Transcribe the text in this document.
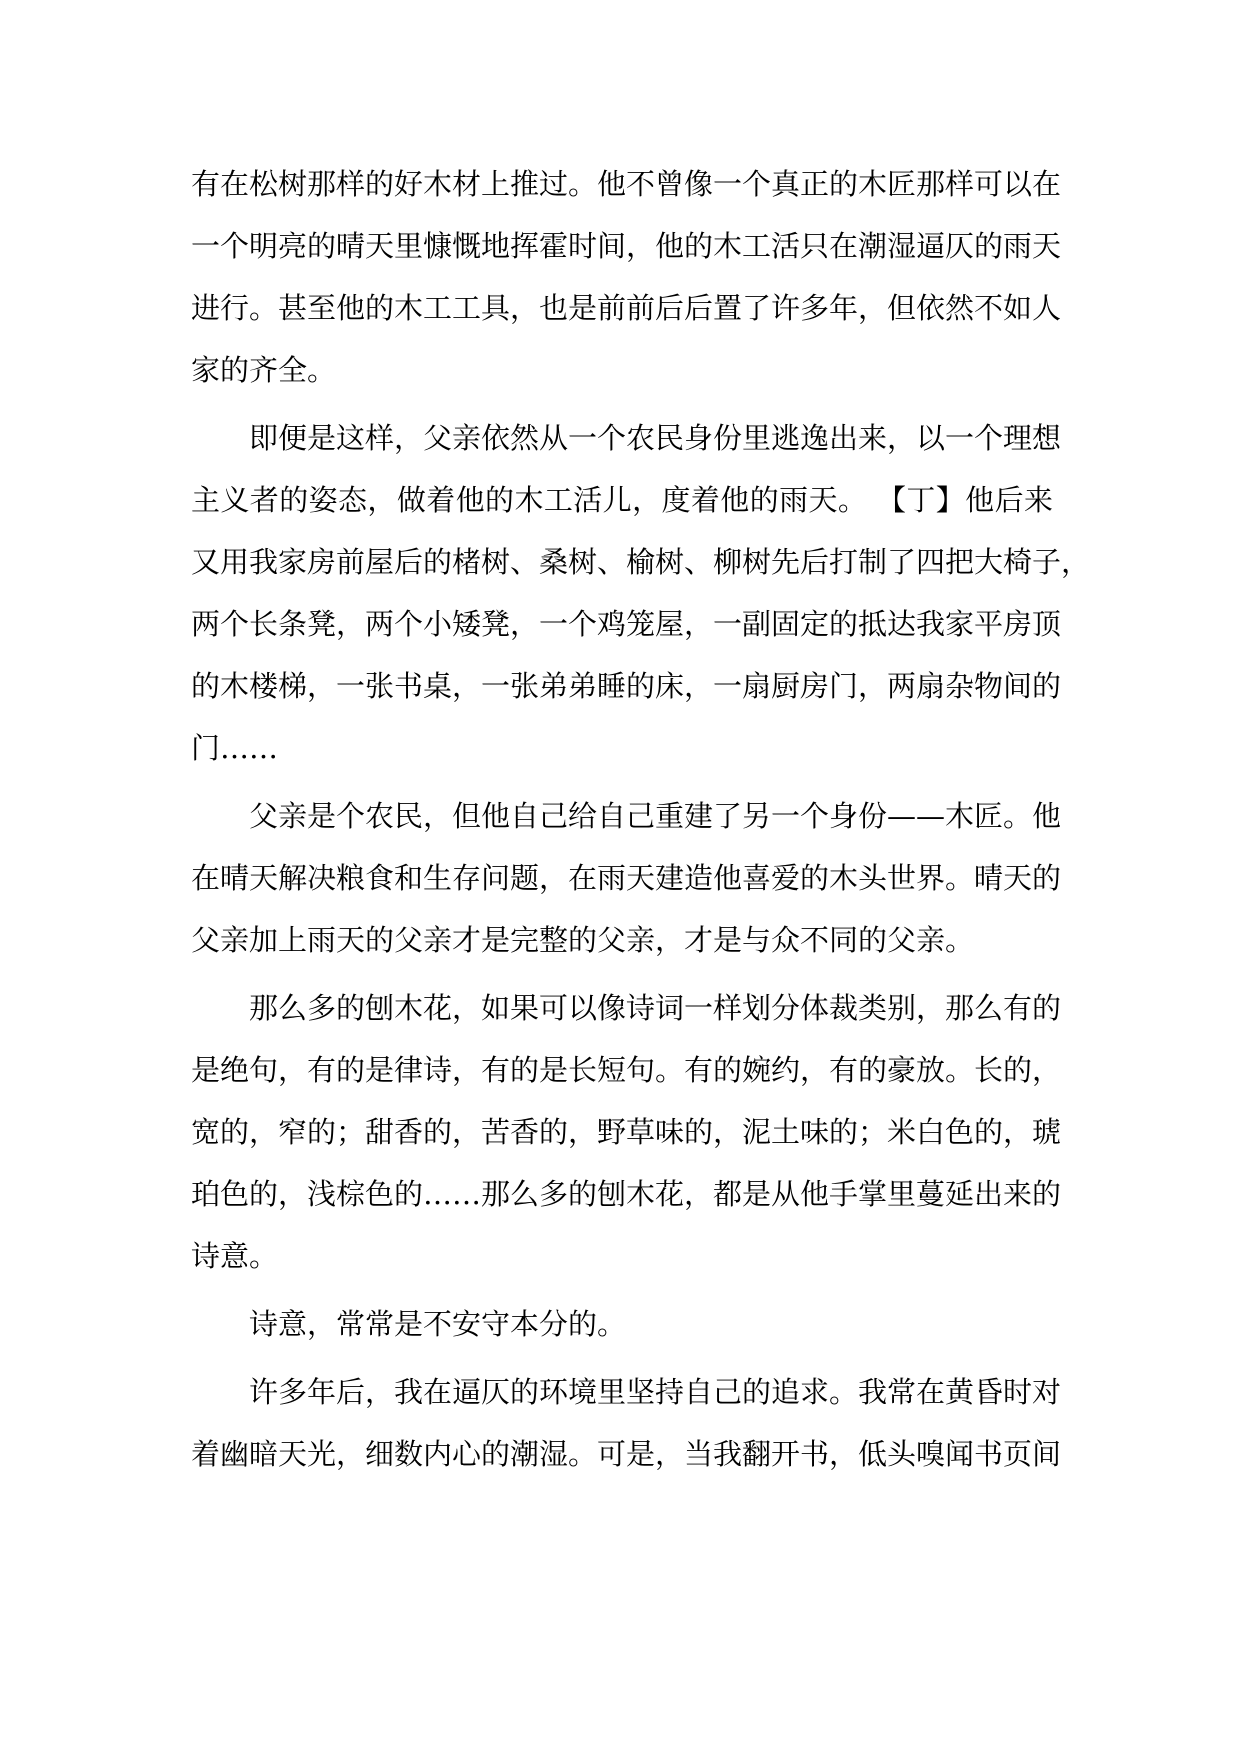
有在松树那样的好木材上推过。他不曾像一个真正的木匠那样可以在
一个明亮的晴天里慷慨地挥霍时间，他的木工活只在潮湿逼仄的雨天
进行。甚至他的木工工具，也是前前后后置了许多年，但依然不如人
家的齐全。
即便是这样，父亲依然从一个农民身份里逃逸出来，以一个理想
主义者的姿态，做着他的木工活儿，度着他的雨天。 【丁】他后来
又用我家房前屋后的楮树、桑树、榆树、柳树先后打制了四把大椅子，
两个长条凳，两个小矮凳，一个鸡笼屋，一副固定的抵达我家平房顶
的木楼梯，一张书桌，一张弟弟睡的床，一扇厨房门，两扇杂物间的
门……
父亲是个农民，但他自己给自己重建了另一个身份——木匠。他
在晴天解决粮食和生存问题，在雨天建造他喜爱的木头世界。晴天的
父亲加上雨天的父亲才是完整的父亲，才是与众不同的父亲。
那么多的刨木花，如果可以像诗词一样划分体裁类别，那么有的
是绝句，有的是律诗，有的是长短句。有的婉约，有的豪放。长的，
宽的，窄的；甜香的，苦香的，野草味的，泥土味的；米白色的，琥
珀色的，浅棕色的……那么多的刨木花，都是从他手掌里蔓延出来的
诗意。
诗意，常常是不安守本分的。
许多年后，我在逼仄的环境里坚持自己的追求。我常在黄昏时对
着幽暗天光，细数内心的潮湿。可是，当我翻开书，低头嗅闻书页间
